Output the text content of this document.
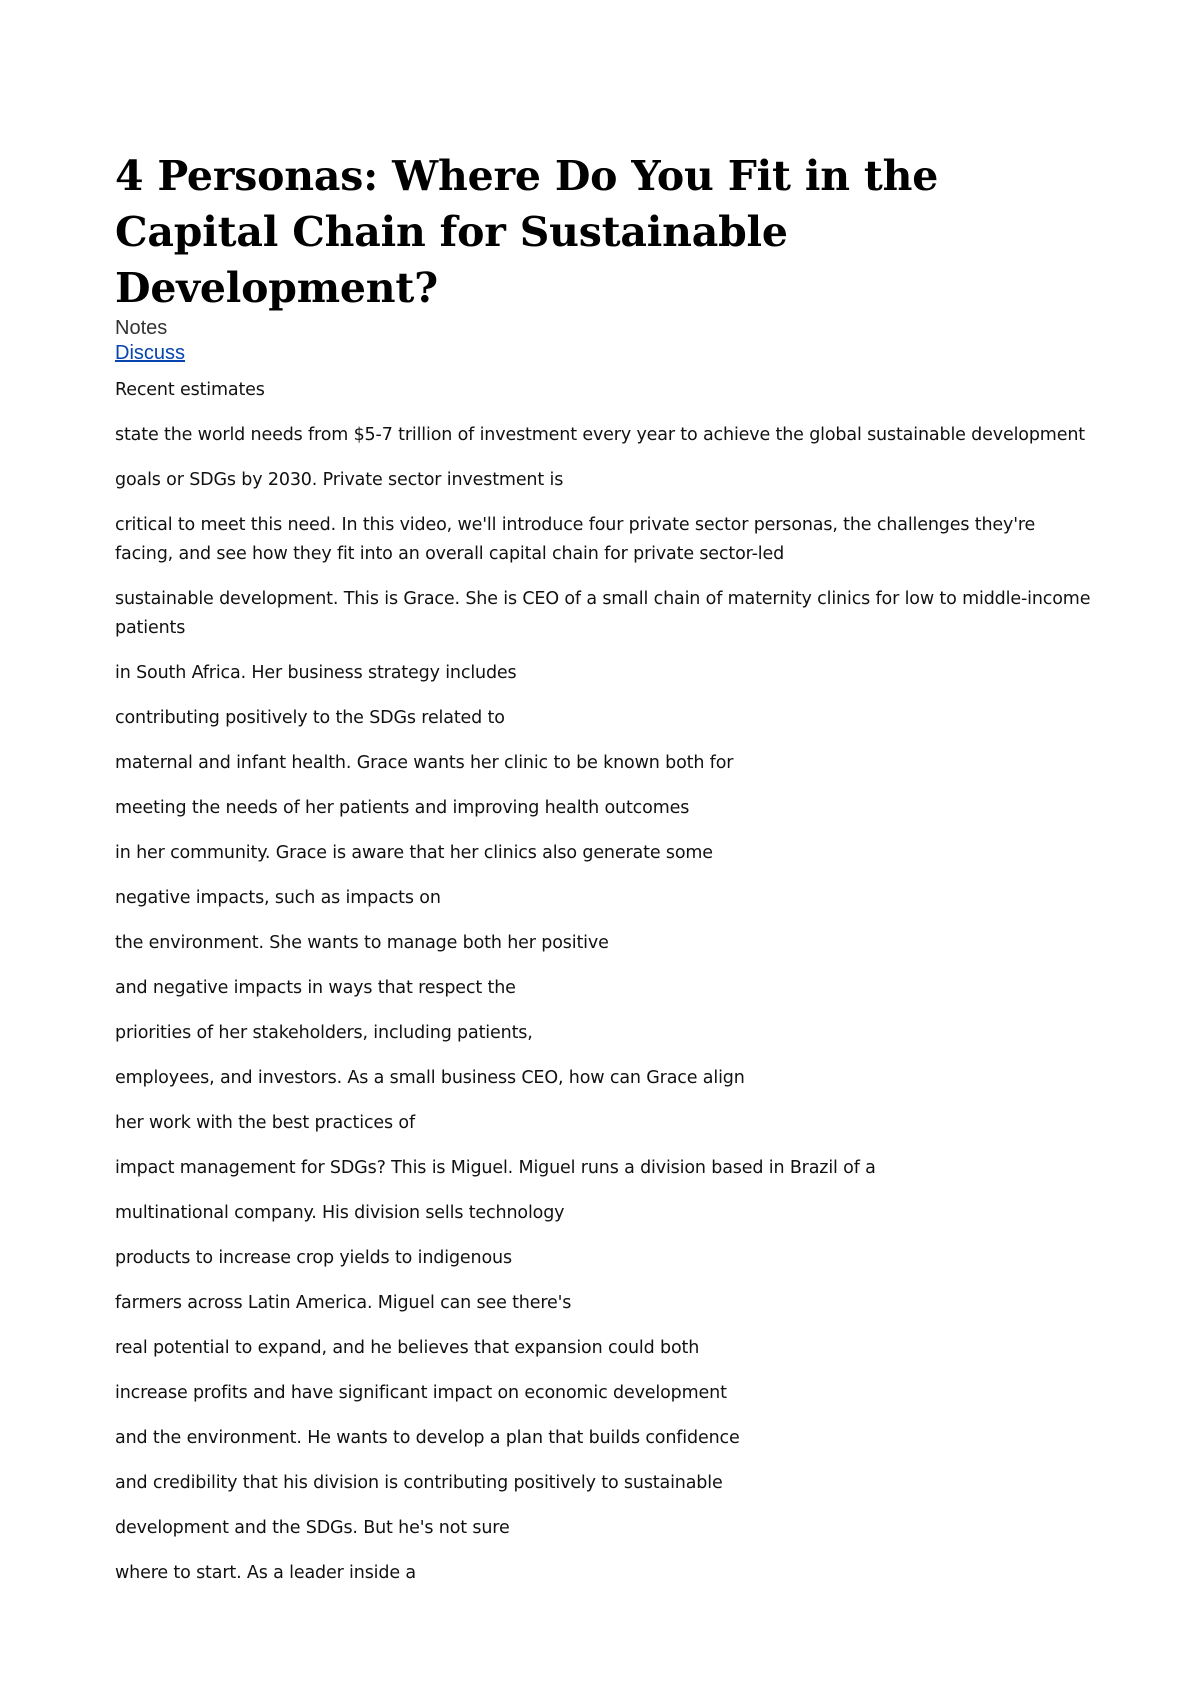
4 Personas: Where Do You Fit in the Capital Chain for Sustainable Development?

Notes

Discuss

Recent estimates

state the world needs from $5-7 trillion of investment every year to achieve the global sustainable development

goals or SDGs by 2030. Private sector investment is

critical to meet this need. In this video, we'll introduce four private sector personas, the challenges they're facing, and see how they fit into an overall capital chain for private sector-led

sustainable development. This is Grace. She is CEO of a small chain of maternity clinics for low to middle-income patients

in South Africa. Her business strategy includes

contributing positively to the SDGs related to

maternal and infant health. Grace wants her clinic to be known both for

meeting the needs of her patients and improving health outcomes

in her community. Grace is aware that her clinics also generate some

negative impacts, such as impacts on

the environment. She wants to manage both her positive

and negative impacts in ways that respect the

priorities of her stakeholders, including patients,

employees, and investors. As a small business CEO, how can Grace align

her work with the best practices of

impact management for SDGs? This is Miguel. Miguel runs a division based in Brazil of a

multinational company. His division sells technology

products to increase crop yields to indigenous

farmers across Latin America. Miguel can see there's

real potential to expand, and he believes that expansion could both

increase profits and have significant impact on economic development

and the environment. He wants to develop a plan that builds confidence

and credibility that his division is contributing positively to sustainable

development and the SDGs. But he's not sure

where to start. As a leader inside a
